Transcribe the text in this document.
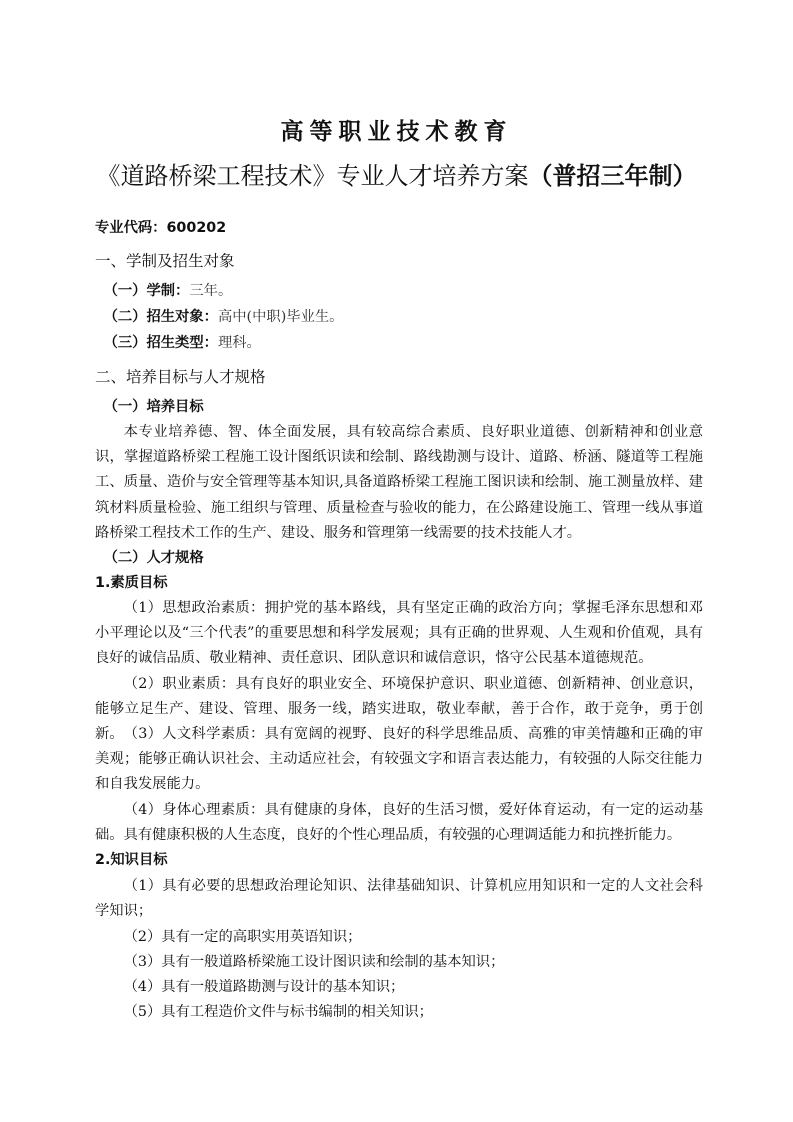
高等职业技术教育
《道路桥梁工程技术》专业人才培养方案（普招三年制）
专业代码：600202
一、学制及招生对象
（一）学制：三年。
（二）招生对象：高中(中职)毕业生。
（三）招生类型：理科。
二、培养目标与人才规格
（一）培养目标
本专业培养德、智、体全面发展，具有较高综合素质、良好职业道德、创新精神和创业意识，掌握道路桥梁工程施工设计图纸识读和绘制、路线勘测与设计、道路、桥涵、隧道等工程施工、质量、造价与安全管理等基本知识,具备道路桥梁工程施工图识读和绘制、施工测量放样、建筑材料质量检验、施工组织与管理、质量检查与验收的能力，在公路建设施工、管理一线从事道路桥梁工程技术工作的生产、建设、服务和管理第一线需要的技术技能人才。
（二）人才规格
1.素质目标
（1）思想政治素质：拥护党的基本路线，具有坚定正确的政治方向；掌握毛泽东思想和邓小平理论以及“三个代表”的重要思想和科学发展观；具有正确的世界观、人生观和价值观，具有良好的诚信品质、敬业精神、责任意识、团队意识和诚信意识，恪守公民基本道德规范。
（2）职业素质：具有良好的职业安全、环境保护意识、职业道德、创新精神、创业意识，能够立足生产、建设、管理、服务一线，踏实进取，敬业奉献，善于合作，敢于竞争，勇于创新。 （3）人文科学素质：具有宽阔的视野、良好的科学思维品质、高雅的审美情趣和正确的审美观；能够正确认识社会、主动适应社会，有较强文字和语言表达能力，有较强的人际交往能力和自我发展能力。
（4）身体心理素质：具有健康的身体，良好的生活习惯，爱好体育运动，有一定的运动基础。具有健康积极的人生态度，良好的个性心理品质，有较强的心理调适能力和抗挫折能力。
2.知识目标
（1）具有必要的思想政治理论知识、法律基础知识、计算机应用知识和一定的人文社会科学知识；
（2）具有一定的高职实用英语知识；
（3）具有一般道路桥梁施工设计图识读和绘制的基本知识；
（4）具有一般道路勘测与设计的基本知识；
（5）具有工程造价文件与标书编制的相关知识；
